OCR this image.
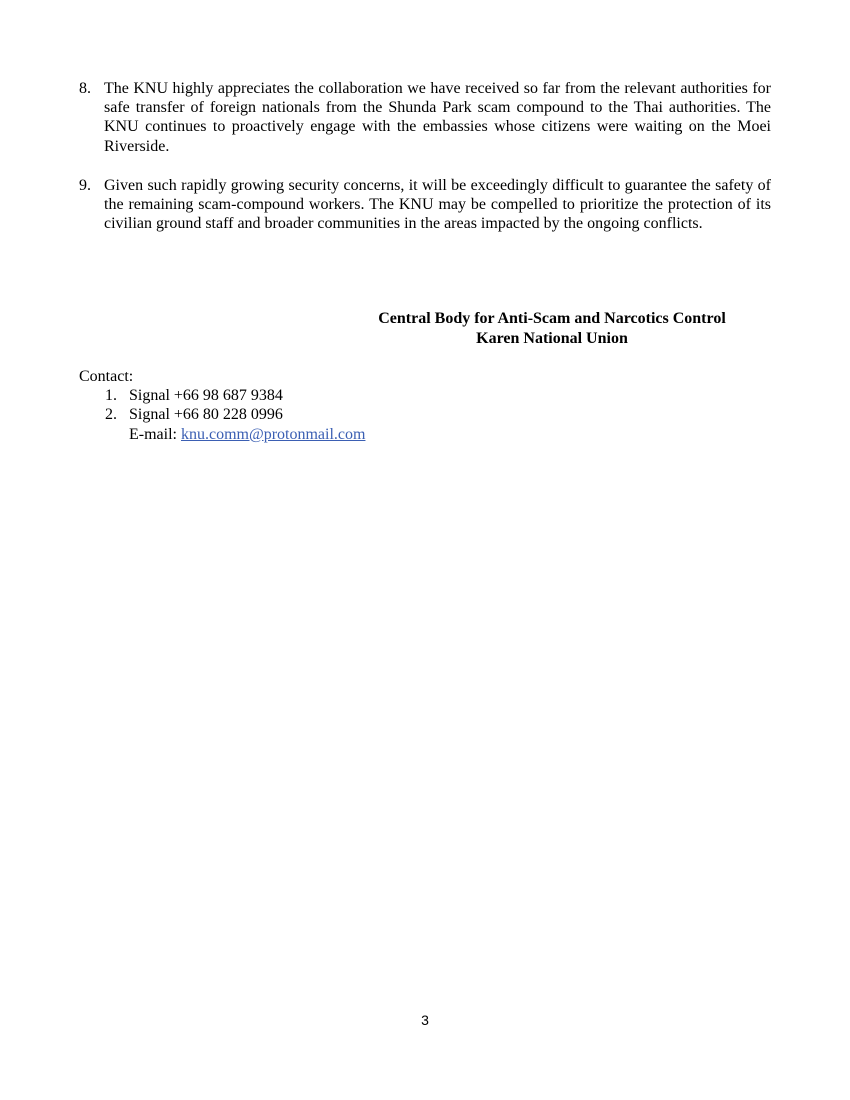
8. The KNU highly appreciates the collaboration we have received so far from the relevant authorities for safe transfer of foreign nationals from the Shunda Park scam compound to the Thai authorities. The KNU continues to proactively engage with the embassies whose citizens were waiting on the Moei Riverside.
9. Given such rapidly growing security concerns, it will be exceedingly difficult to guarantee the safety of the remaining scam-compound workers. The KNU may be compelled to prioritize the protection of its civilian ground staff and broader communities in the areas impacted by the ongoing conflicts.
Central Body for Anti-Scam and Narcotics Control
Karen National Union
Contact:
1. Signal +66 98 687 9384
2. Signal +66 80 228 0996
E-mail: knu.comm@protonmail.com
3
